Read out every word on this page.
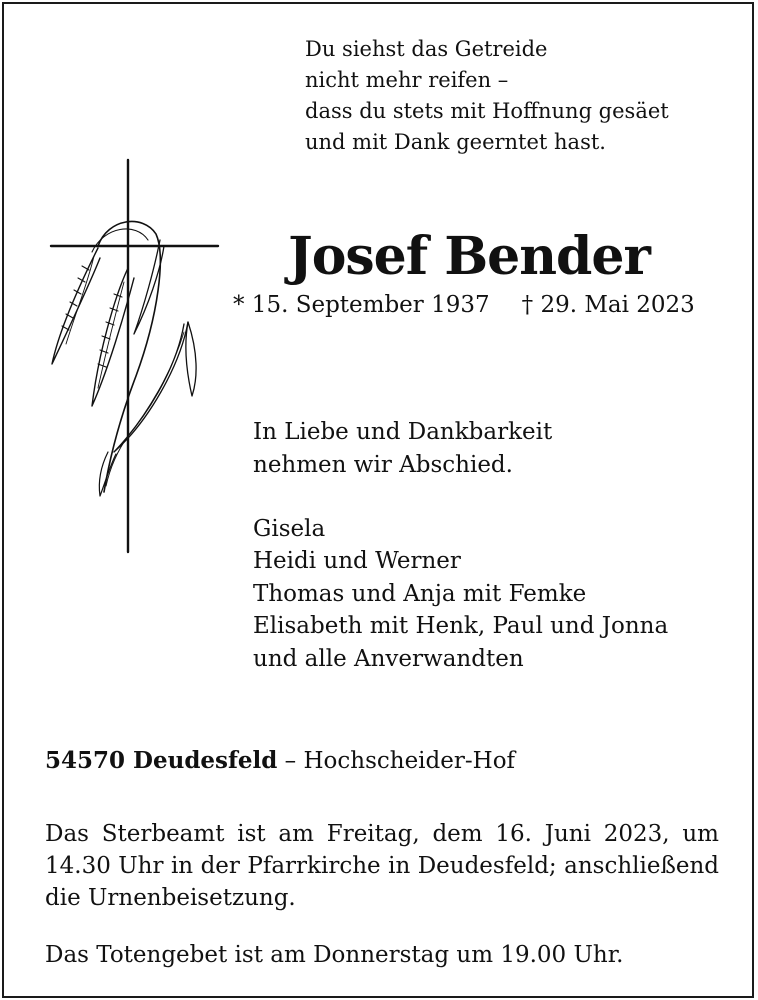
Du siehst das Getreide
nicht mehr reifen –
dass du stets mit Hoffnung gesäet
und mit Dank geerntet hast.
Josef Bender
* 15. September 1937 † 29. Mai 2023
In Liebe und Dankbarkeit
nehmen wir Abschied.
Gisela
Heidi und Werner
Thomas und Anja mit Femke
Elisabeth mit Henk, Paul und Jonna
und alle Anverwandten
54570 Deudesfeld – Hochscheider-Hof

Das Sterbeamt ist am Freitag, dem 16. Juni 2023, um 14.30 Uhr in der Pfarrkirche in Deudesfeld; anschließend die Urnenbeisetzung.

Das Totengebet ist am Donnerstag um 19.00 Uhr.
